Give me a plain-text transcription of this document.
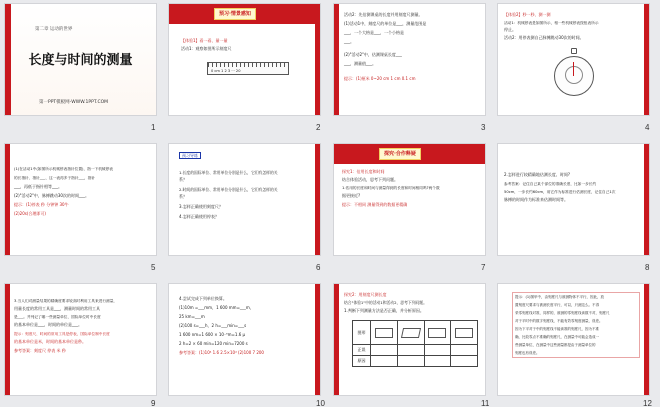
第二章 运动的世界
长度与时间的测量
第一PPT模板网-WWW.1PPT.COM
1
预习·情景感知
【体验1】看一看、量一量
活动1：观察如图所示刻度尺
0 cm 1 2 3 ··· 20
2
活动2：先估测课桌的长度并用刻度尺测量。
(1)活动1中，刻度尺的单位是___，测量范围是
___，一个大格是___，一个小格是
___。
(2)"活动2"中，估测课桌长度___
___，测量值___。
提示：(1)厘米 0~20 cm 1 cm 0.1 cm
3
【体验2】秒一秒、测一测
活动1：机械停表是如图所示，相一些机械停表按钮表所示
停止。
活动2：用停表测自己脉搏跳动30次的时间。
4
(1)在活动1中(如图所示机械停表指针位置)，指一下机械停表
的长指针、指针___、这一表再多于指针___，指针
___，再低于指针相等___。
(2)"活动2"中，脉搏跳动30次的时间___。
提示：(1)停表 秒 分钟钟 30牛
(2)20s(合理即可)
5
预习导练
1.长度的国际单位、常用单位分别是什么，它们有怎样的关
系？
2.时间的国际单位、常用单位分别是什么，它们有怎样的关
系？
3.怎样正确使用刻度尺？
4.怎样正确使用停表？
6
探究·合作释疑
探究1：估用长度和时间
结合体验活动，思考下列问题。
1.估用的长度和时间与测量得到的长度和时间相同吗?两个数
据更接近?
提示：不相同 测量得到的数据更精确
7
2.怎样进行较精确地估测长度、时间?
参考答案：记住自己某个部位的准确长度，比如一步长约
50cm，一步长约60cm，用它作为标准进行估测长度，记住自己1次
脉搏的时间作为标准来估测时间等。
8
3.当人们对测量结果的精确度要求较高时利用工具来进行测量，
用量长度的常用工具是___，测量时间的常用工具
是___。并列记了哪一些测量单位、国际单位时中长度
的基本单位是___，时间的单位是___。
提示：刻度尺、时间的常用工具是停表，国际单位制中长度
的基本单位是米，时间的基本单位是秒。
参考答案：刻度尺 停表 米 秒
9
4.尝试完成下列单位换算。
(1)10m =___mm，1 600 mm=___m，
25 km=___m
(2)100 s=___h，2 h=___min=___s
1 600 nm=1 600 × 10⁻⁹m=1.6 μ
2 h=2 × 60 min=120 min=7200 s
参考答案：(1)10⁴ 1.6 2.5×10⁴ (2)100 7 200
10
探究2：用刻度尺测长度
结合"体验1"中的活动1和活动2，思考下列问题。
1.判断下列测量方法是否正确，并分析原因。
图形	

正误				
原因				
11
提示：(1)图甲中，由刻度尺与被测物体不平行，因此，放
置刻度尺要求与被测长度平行，可以，只测这么。不得
采零刻度线对准，同样的，被测的零刻度线读数不对，刻度尺
对于平时中的数字刻度线，不能有效零刻度测量，误差。
因为下平对于中的刻度线不能读准的刻度尺，因为不准
确，比较零点不准确的刻度尺，在测量中可能会造成一
些测量单位、在测量中这些测量都是由于测量单位的
刻度也有误差。
12
